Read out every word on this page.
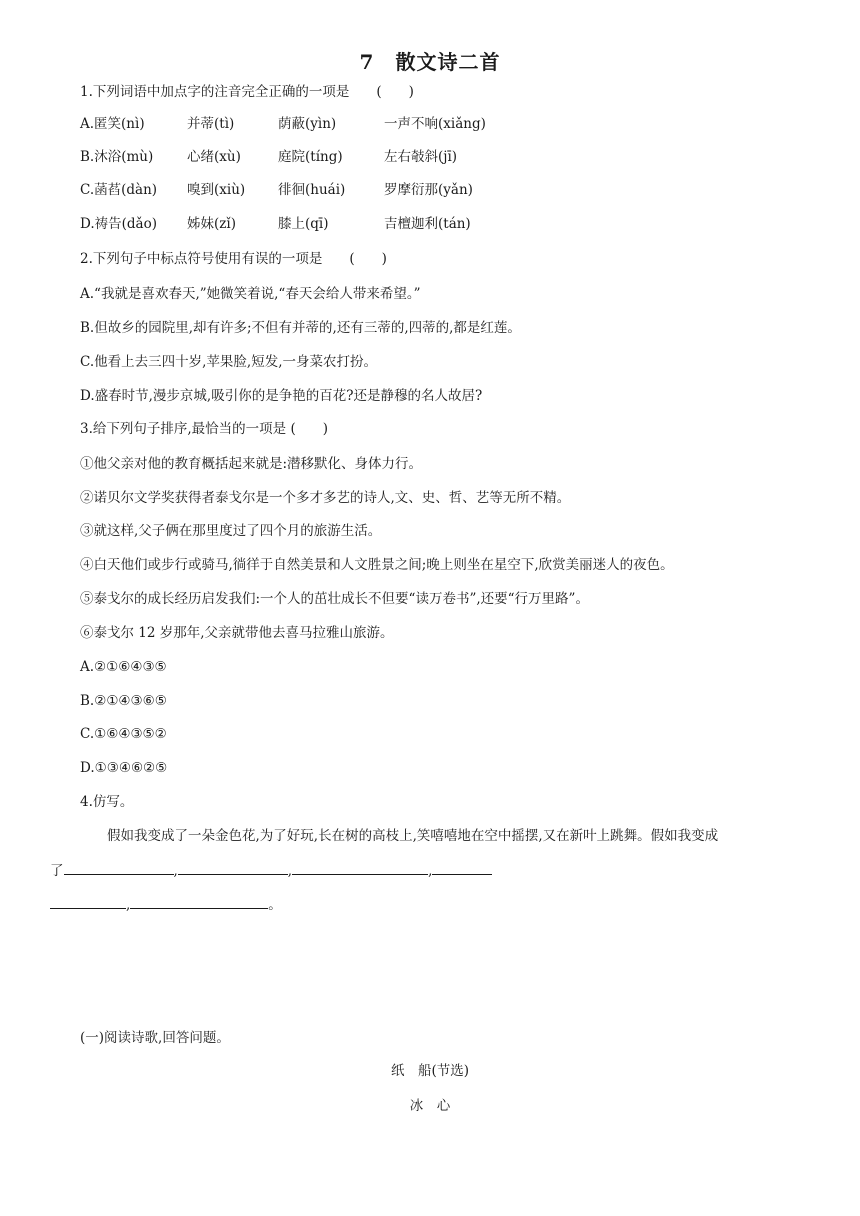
7　散文诗二首
1.下列词语中加点字的注音完全正确的一项是　　(　　)
A.匿笑(nì)	并蒂(tì)	荫蔽(yìn)	一声不响(xiǎng)
B.沐浴(mù)	心绪(xù)	庭院(tíng)	左右攲斜(jī)
C.菡萏(dàn) 嗅到(xiù) 徘徊(huái)	罗摩衍那(yǎn)
D.祷告(dǎo) 姊妹(zǐ)	膝上(qī)	吉檀迦利(tán)
2.下列句子中标点符号使用有误的一项是　　(　　)
A.“我就是喜欢春天,”她微笑着说,“春天会给人带来希望。”
B.但故乡的园院里,却有许多;不但有并蒂的,还有三蒂的,四蒂的,都是红莲。
C.他看上去三四十岁,苹果脸,短发,一身菜农打扮。
D.盛春时节,漫步京城,吸引你的是争艳的百花?还是静穆的名人故居?
3.给下列句子排序,最恰当的一项是 (　　)
①他父亲对他的教育概括起来就是:潜移默化、身体力行。
②诺贝尔文学奖获得者泰戈尔是一个多才多艺的诗人,文、史、哲、艺等无所不精。
③就这样,父子俩在那里度过了四个月的旅游生活。
④白天他们或步行或骑马,徜徉于自然美景和人文胜景之间;晚上则坐在星空下,欣赏美丽迷人的夜色。
⑤泰戈尔的成长经历启发我们:一个人的茁壮成长不但要“读万卷书”,还要“行万里路”。
⑥泰戈尔 12 岁那年,父亲就带他去喜马拉雅山旅游。
A.②①⑥④③⑤
B.②①④③⑥⑤
C.①⑥④③⑤②
D.①③④⑥②⑤
4.仿写。
假如我变成了一朵金色花,为了好玩,长在树的高枝上,笑嘻嘻地在空中摇摆,又在新叶上跳舞。假如我变成
了	,	,	,
,	。
(一)阅读诗歌,回答问题。
纸　船(节选)
冰　心
